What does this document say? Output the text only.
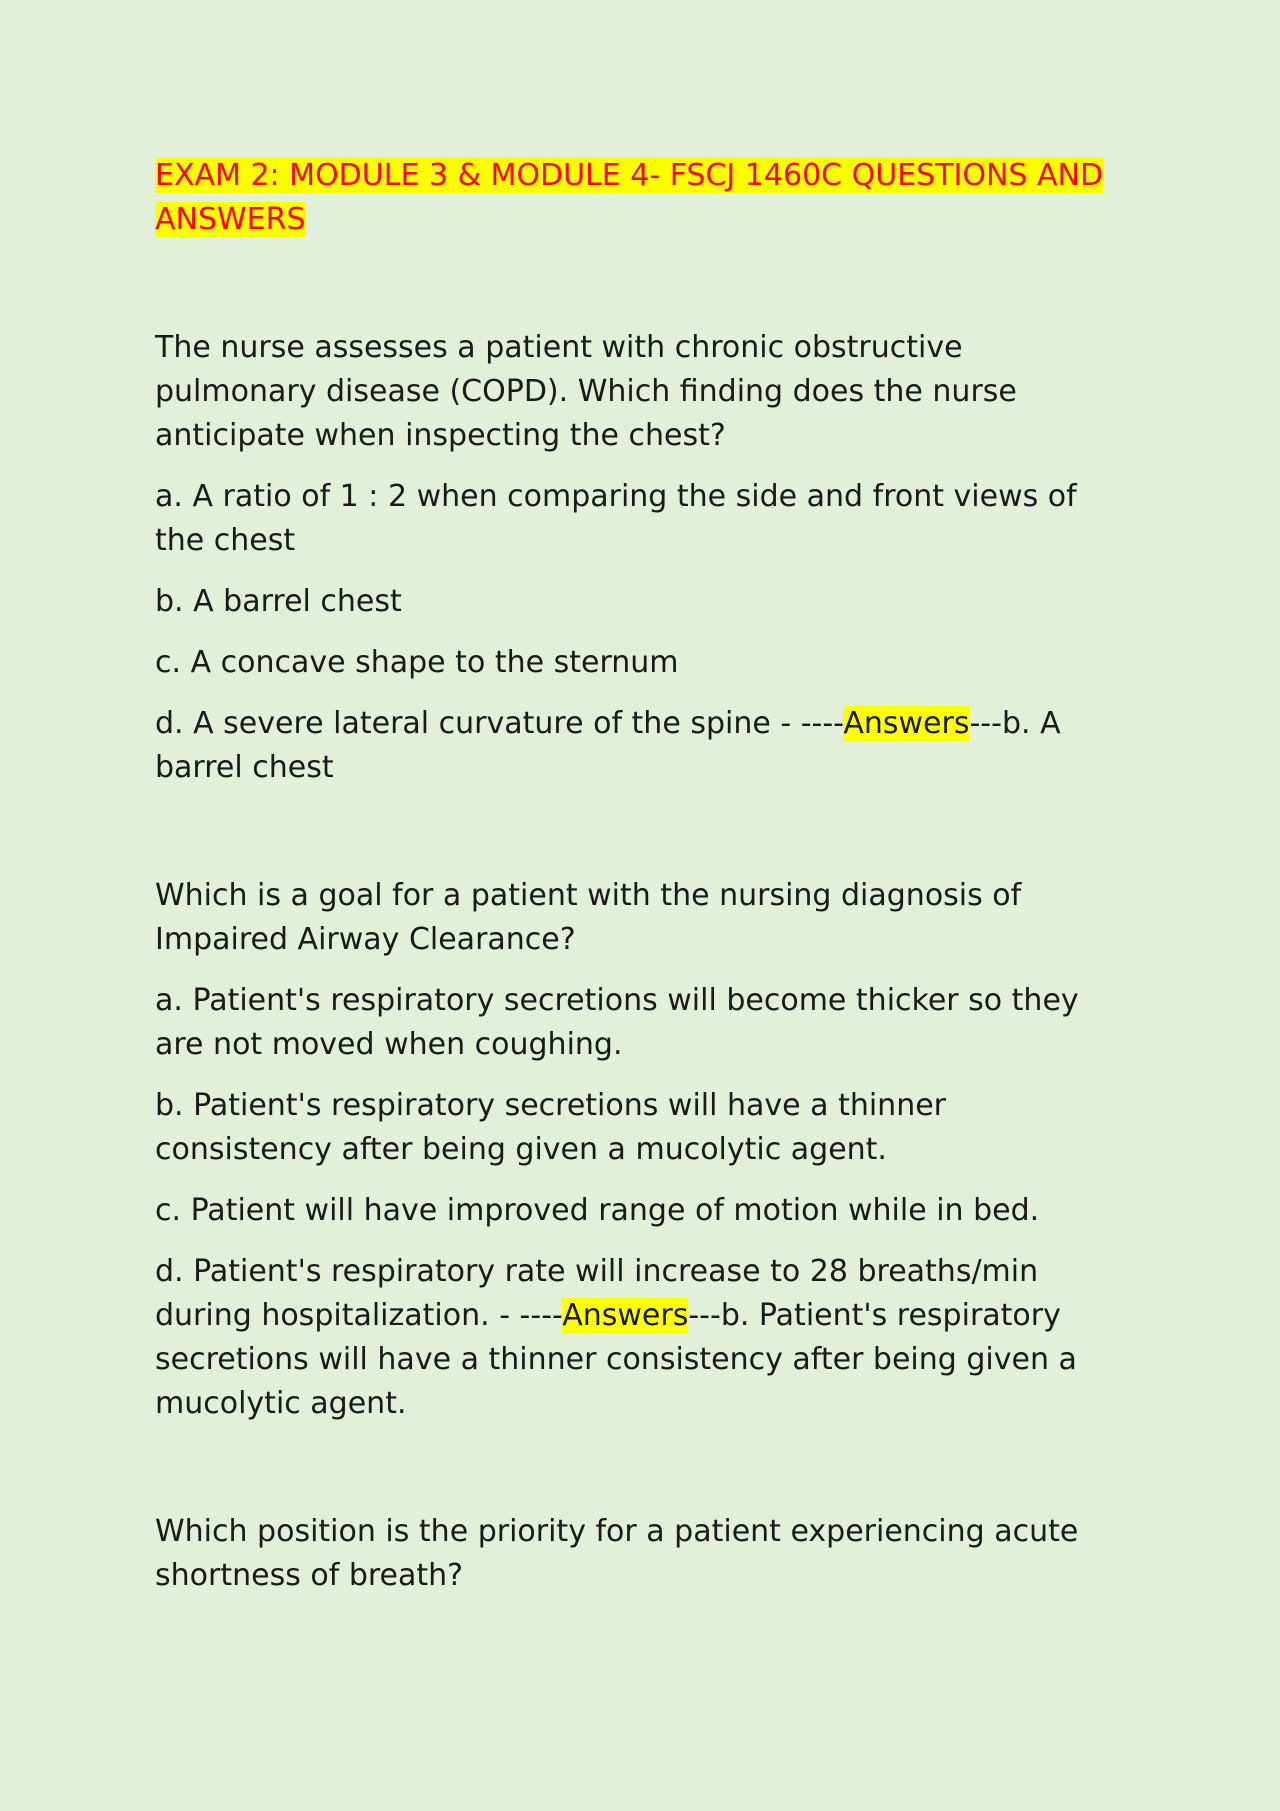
EXAM 2: MODULE 3 & MODULE 4- FSCJ 1460C QUESTIONS AND ANSWERS

The nurse assesses a patient with chronic obstructive pulmonary disease (COPD). Which finding does the nurse anticipate when inspecting the chest?

a. A ratio of 1 : 2 when comparing the side and front views of the chest

b. A barrel chest

c. A concave shape to the sternum

d. A severe lateral curvature of the spine - ----Answers---b. A barrel chest

Which is a goal for a patient with the nursing diagnosis of Impaired Airway Clearance?

a. Patient's respiratory secretions will become thicker so they are not moved when coughing.

b. Patient's respiratory secretions will have a thinner consistency after being given a mucolytic agent.

c. Patient will have improved range of motion while in bed.

d. Patient's respiratory rate will increase to 28 breaths/min during hospitalization. - ----Answers---b. Patient's respiratory secretions will have a thinner consistency after being given a mucolytic agent.

Which position is the priority for a patient experiencing acute shortness of breath?
